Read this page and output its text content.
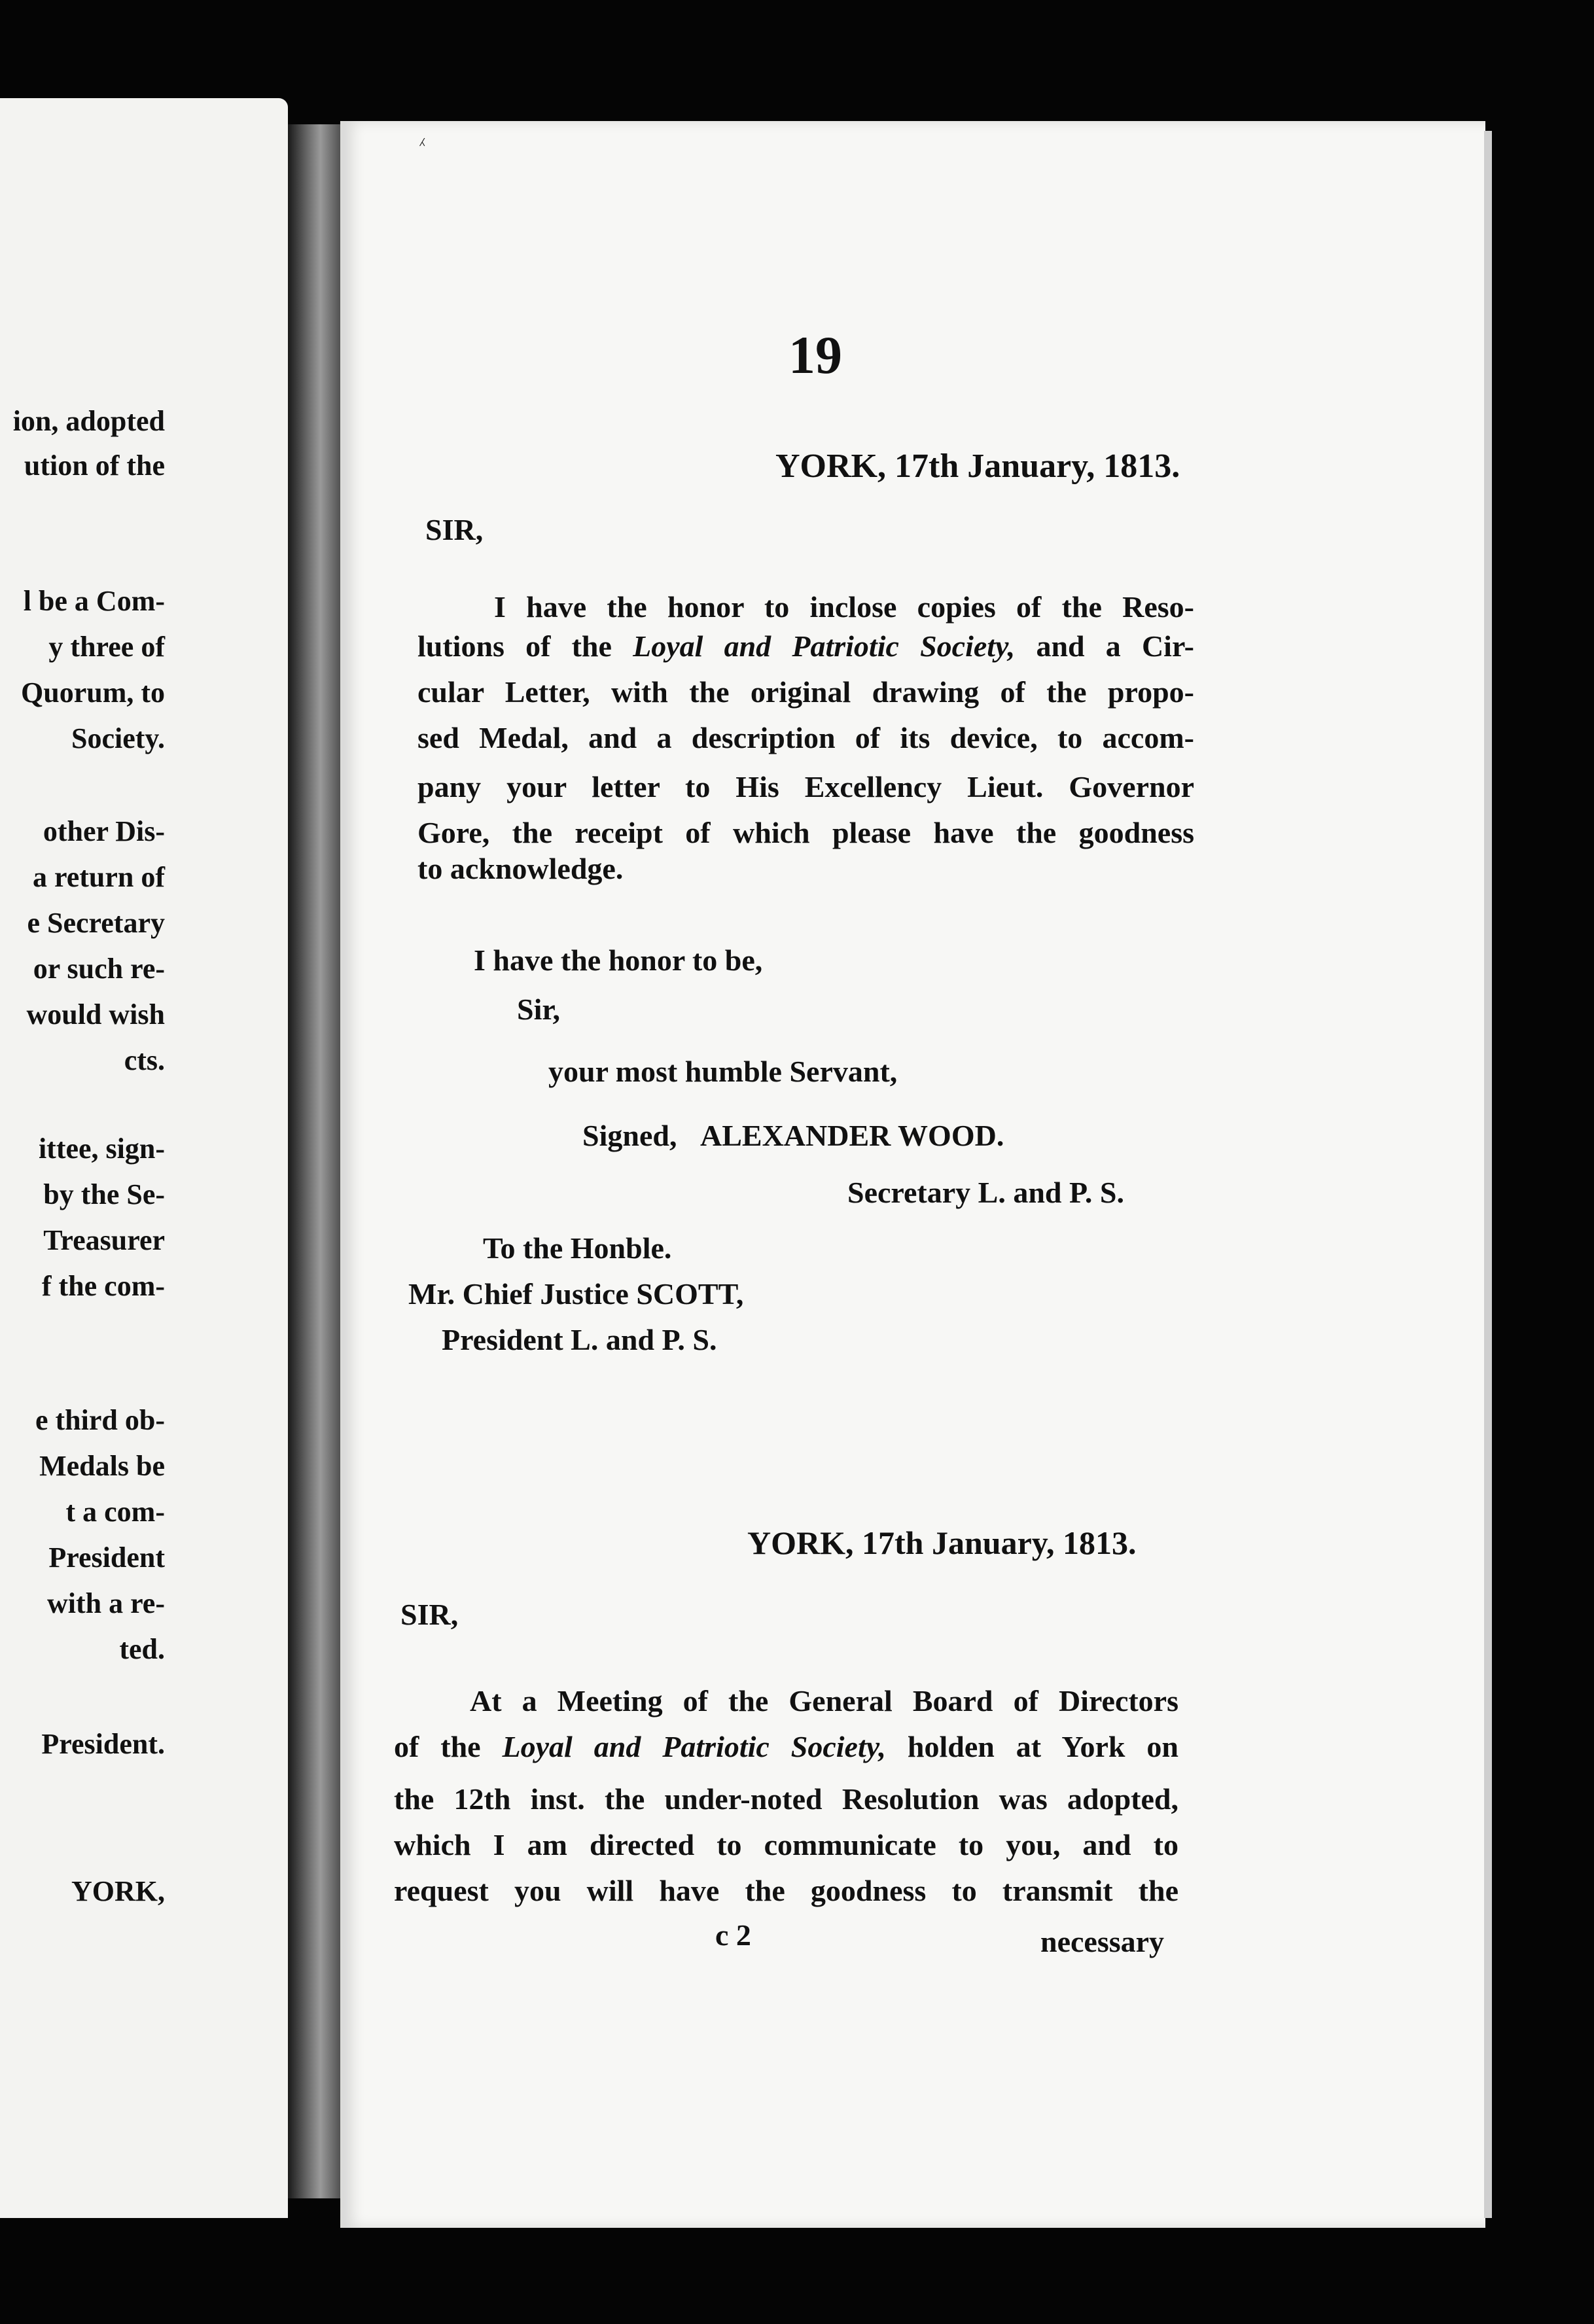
ion, adopted
ution of the
l be a Com-
y three of
Quorum, to
Society.
other Dis-
a return of
e Secretary
or such re-
would wish
cts.
ittee, sign-
by the Se-
Treasurer
f the com-
e third ob-
Medals be
t a com-
President
with a re-
ted.
President.
YORK,
⁁
19
YORK, 17th January, 1813.
SIR,
I have the honor to inclose copies of the Reso-
lutions of the Loyal and Patriotic Society, and a Cir-
cular Letter, with the original drawing of the propo-
sed Medal, and a description of its device, to accom-
pany your letter to His Excellency Lieut. Governor
Gore, the receipt of which please have the goodness
to acknowledge.
I have the honor to be,
Sir,
your most humble Servant,
Signed, ALEXANDER WOOD.
Secretary L. and P. S.
To the Honble.
Mr. Chief Justice SCOTT,
President L. and P. S.
YORK, 17th January, 1813.
SIR,
At a Meeting of the General Board of Directors
of the Loyal and Patriotic Society, holden at York on
the 12th inst. the under-noted Resolution was adopted,
which I am directed to communicate to you, and to
request you will have the goodness to transmit the
c 2	necessary
